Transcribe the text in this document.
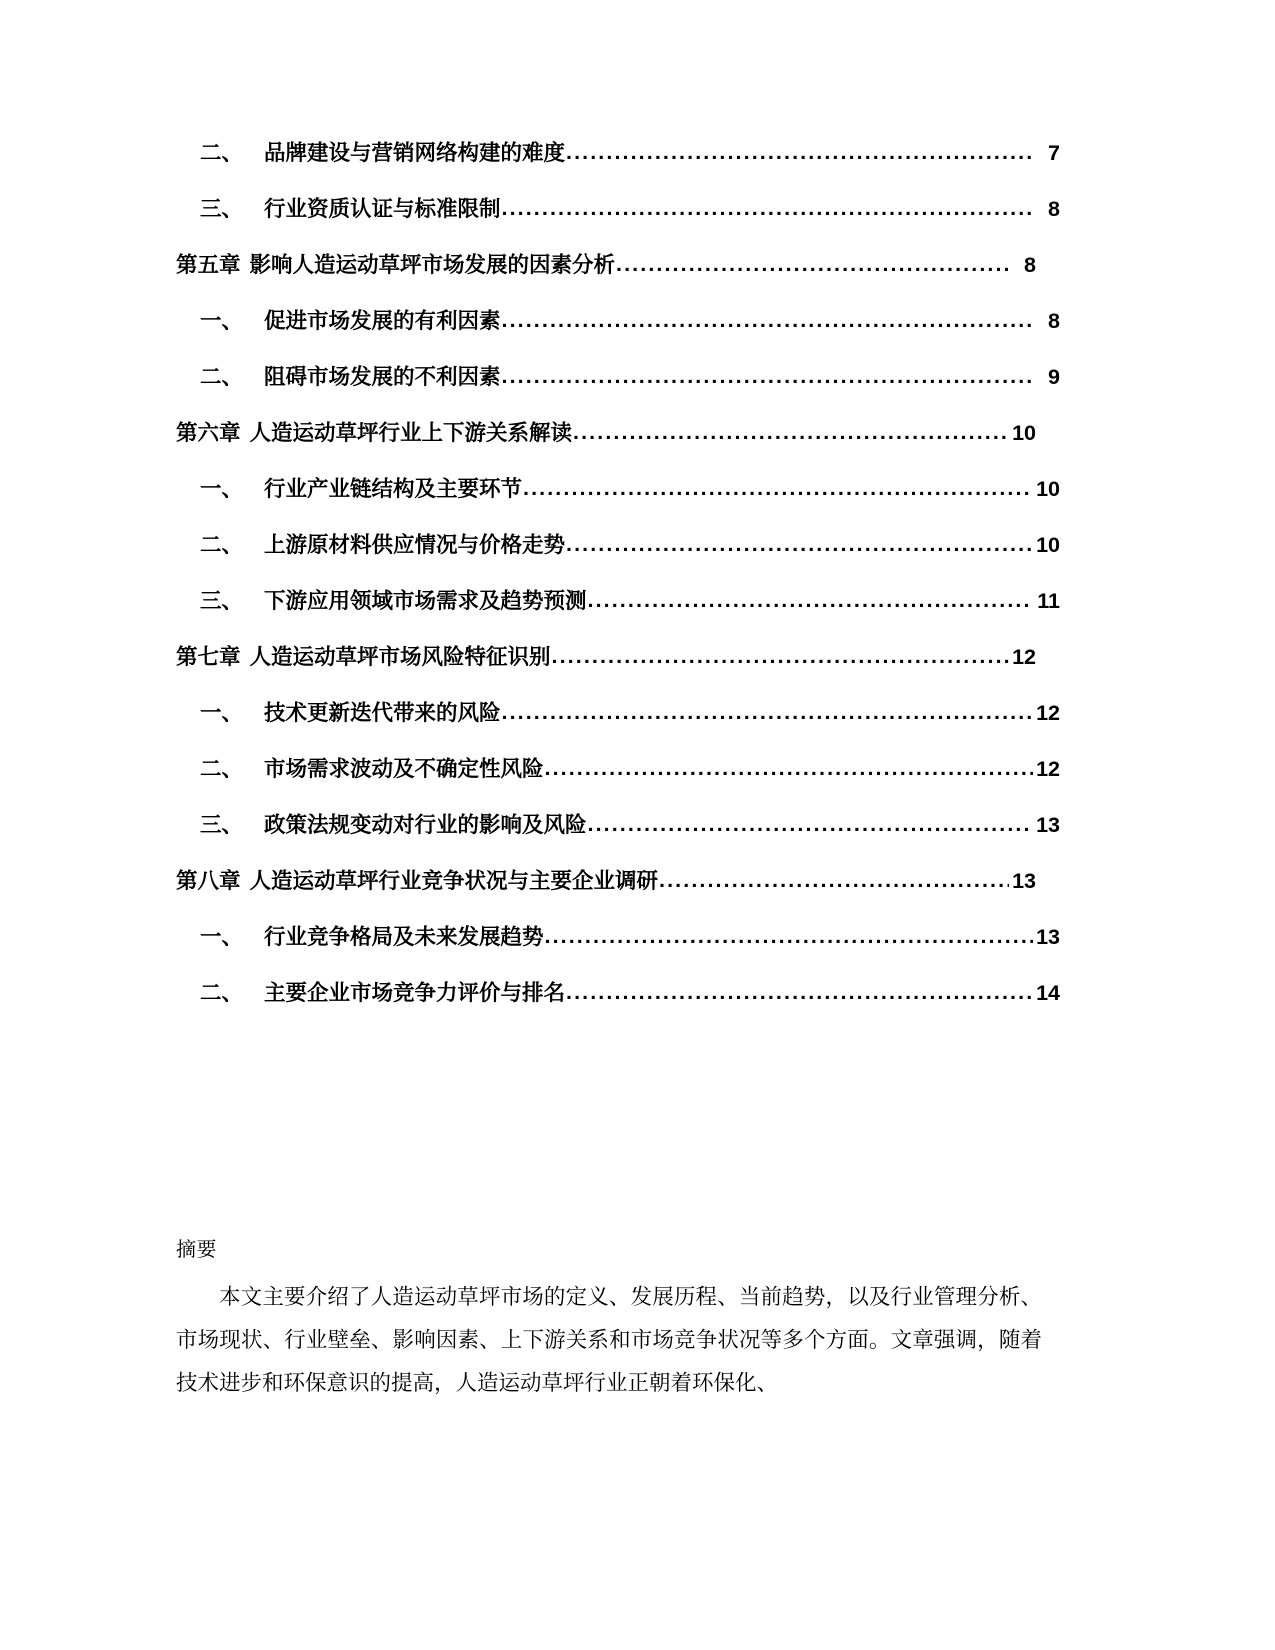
二、 品牌建设与营销网络构建的难度 .....	7
三、 行业资质认证与标准限制 .....	8
第五章 影响人造运动草坪市场发展的因素分析 .....	8
一、 促进市场发展的有利因素 .....	8
二、 阻碍市场发展的不利因素 .....	9
第六章 人造运动草坪行业上下游关系解读 .....	10
一、 行业产业链结构及主要环节 .....	10
二、 上游原材料供应情况与价格走势 .....	10
三、 下游应用领域市场需求及趋势预测 .....	11
第七章 人造运动草坪市场风险特征识别 .....	12
一、 技术更新迭代带来的风险 .....	12
二、 市场需求波动及不确定性风险 .....	12
三、 政策法规变动对行业的影响及风险 .....	13
第八章 人造运动草坪行业竞争状况与主要企业调研 .....	13
一、 行业竞争格局及未来发展趋势 .....	13
二、 主要企业市场竞争力评价与排名 .....	14

摘要

本文主要介绍了人造运动草坪市场的定义、发展历程、当前趋势，以及行业管理分析、市场现状、行业壁垒、影响因素、上下游关系和市场竞争状况等多个方面。文章强调，随着技术进步和环保意识的提高，人造运动草坪行业正朝着环保化、
